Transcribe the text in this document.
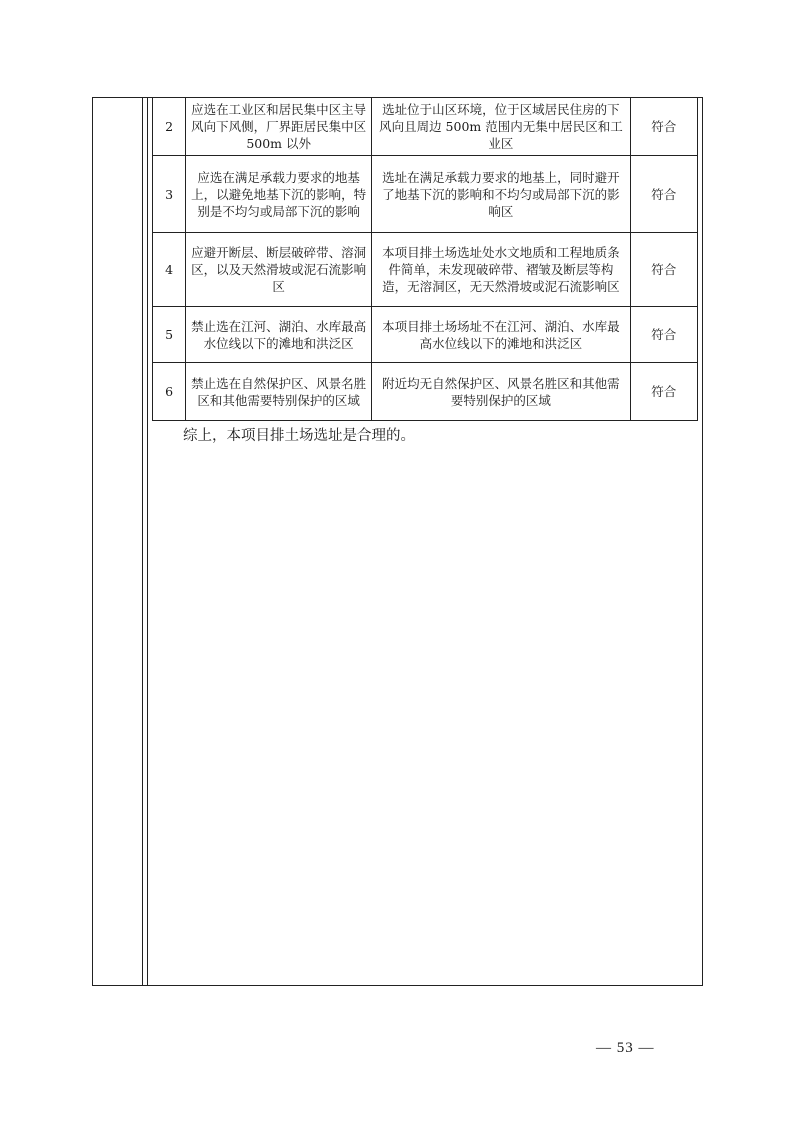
2	应选在工业区和居民集中区主导风向下风侧，厂界距居民集中区 500m 以外	选址位于山区环境，位于区域居民住房的下风向且周边 500m 范围内无集中居民区和工业区	符合
3	应选在满足承载力要求的地基上，以避免地基下沉的影响，特别是不均匀或局部下沉的影响	选址在满足承载力要求的地基上，同时避开了地基下沉的影响和不均匀或局部下沉的影响区	符合
4	应避开断层、断层破碎带、溶洞区，以及天然滑坡或泥石流影响区	本项目排土场选址处水文地质和工程地质条件简单，未发现破碎带、褶皱及断层等构造，无溶洞区，无天然滑坡或泥石流影响区	符合
5	禁止选在江河、湖泊、水库最高水位线以下的滩地和洪泛区	本项目排土场场址不在江河、湖泊、水库最高水位线以下的滩地和洪泛区	符合
6	禁止选在自然保护区、风景名胜区和其他需要特别保护的区域	附近均无自然保护区、风景名胜区和其他需要特别保护的区域	符合
综上，本项目排土场选址是合理的。
— 53 —
